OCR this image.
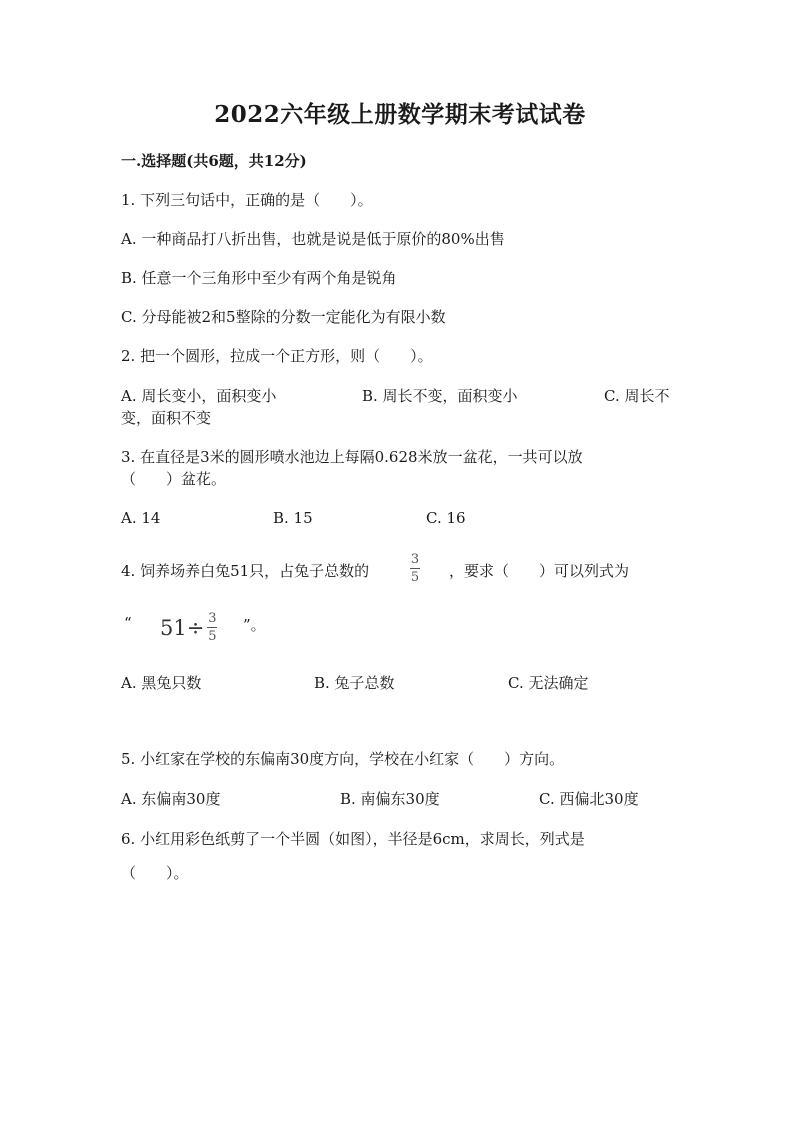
2022六年级上册数学期末考试试卷
一.选择题(共6题，共12分)
1. 下列三句话中，正确的是（　　）。
A. 一种商品打八折出售，也就是说是低于原价的80%出售
B. 任意一个三角形中至少有两个角是锐角
C. 分母能被2和5整除的分数一定能化为有限小数
2. 把一个圆形，拉成一个正方形，则（　　）。
A. 周长变小，面积变小	B. 周长不变，面积变小	C. 周长不
变，面积不变
3. 在直径是3米的圆形喷水池边上每隔0.628米放一盆花，一共可以放
（　　）盆花。
A. 14	B. 15	C. 16
4. 饲养场养白兔51只，占兔子总数的
3
5 ，要求（　　）可以列式为
“ $51\div \frac{3}{5}$ ”。
A. 黑兔只数	B. 兔子总数	C. 无法确定
5. 小红家在学校的东偏南30度方向，学校在小红家（　　）方向。
A. 东偏南30度	B. 南偏东30度	C. 西偏北30度
6. 小红用彩色纸剪了一个半圆（如图），半径是6cm，求周长，列式是
（　　）。
